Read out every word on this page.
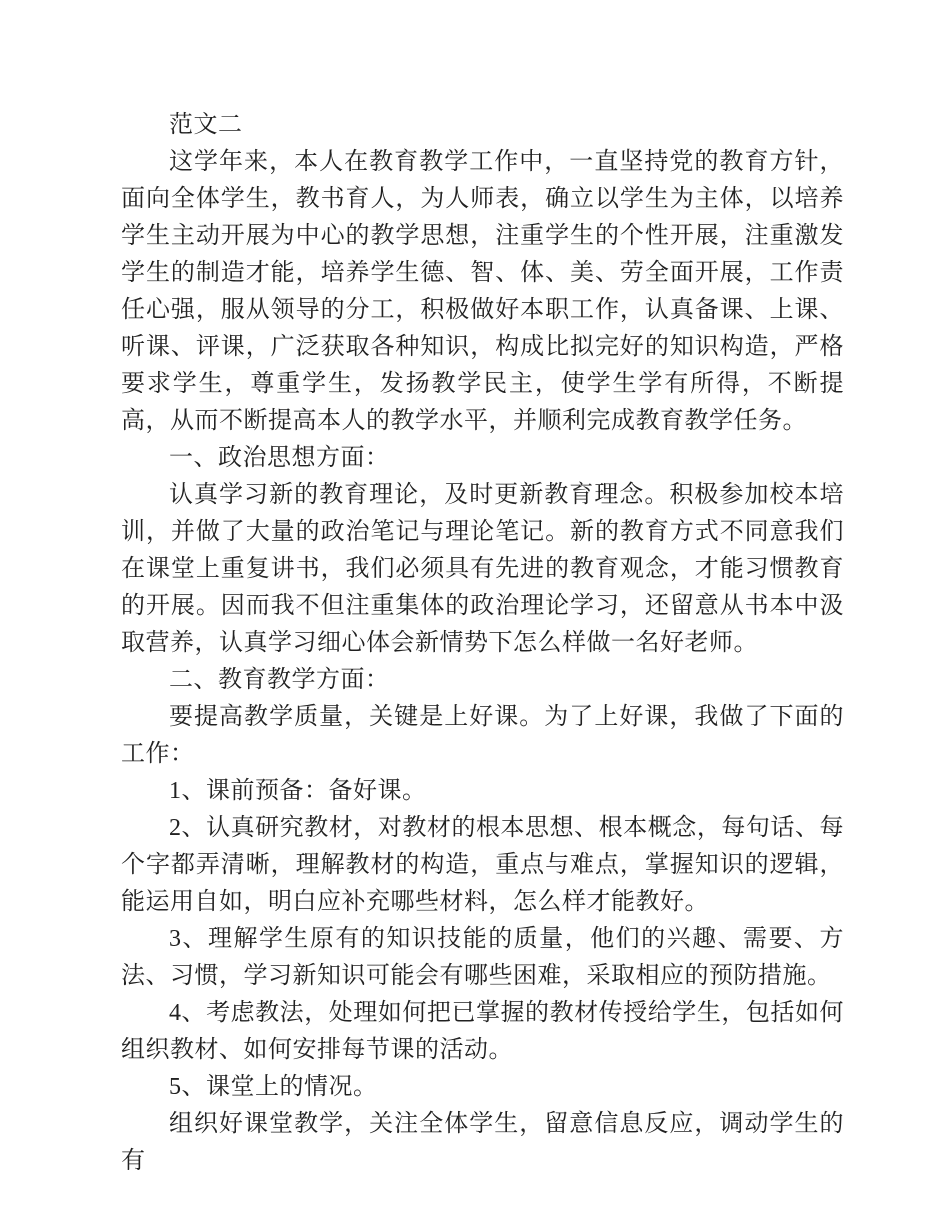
范文二

这学年来，本人在教育教学工作中，一直坚持党的教育方针，面向全体学生，教书育人，为人师表，确立以学生为主体，以培养学生主动开展为中心的教学思想，注重学生的个性开展，注重激发学生的制造才能，培养学生德、智、体、美、劳全面开展，工作责任心强，服从领导的分工，积极做好本职工作，认真备课、上课、听课、评课，广泛获取各种知识，构成比拟完好的知识构造，严格要求学生，尊重学生，发扬教学民主，使学生学有所得，不断提高，从而不断提高本人的教学水平，并顺利完成教育教学任务。

一、政治思想方面：

认真学习新的教育理论，及时更新教育理念。积极参加校本培训，并做了大量的政治笔记与理论笔记。新的教育方式不同意我们在课堂上重复讲书，我们必须具有先进的教育观念，才能习惯教育的开展。因而我不但注重集体的政治理论学习，还留意从书本中汲取营养，认真学习细心体会新情势下怎么样做一名好老师。

二、教育教学方面：

要提高教学质量，关键是上好课。为了上好课，我做了下面的工作：

1、课前预备：备好课。

2、认真研究教材，对教材的根本思想、根本概念，每句话、每个字都弄清晰，理解教材的构造，重点与难点，掌握知识的逻辑，能运用自如，明白应补充哪些材料，怎么样才能教好。

3、理解学生原有的知识技能的质量，他们的兴趣、需要、方法、习惯，学习新知识可能会有哪些困难，采取相应的预防措施。

4、考虑教法，处理如何把已掌握的教材传授给学生，包括如何组织教材、如何安排每节课的活动。

5、课堂上的情况。

组织好课堂教学，关注全体学生，留意信息反应，调动学生的有
